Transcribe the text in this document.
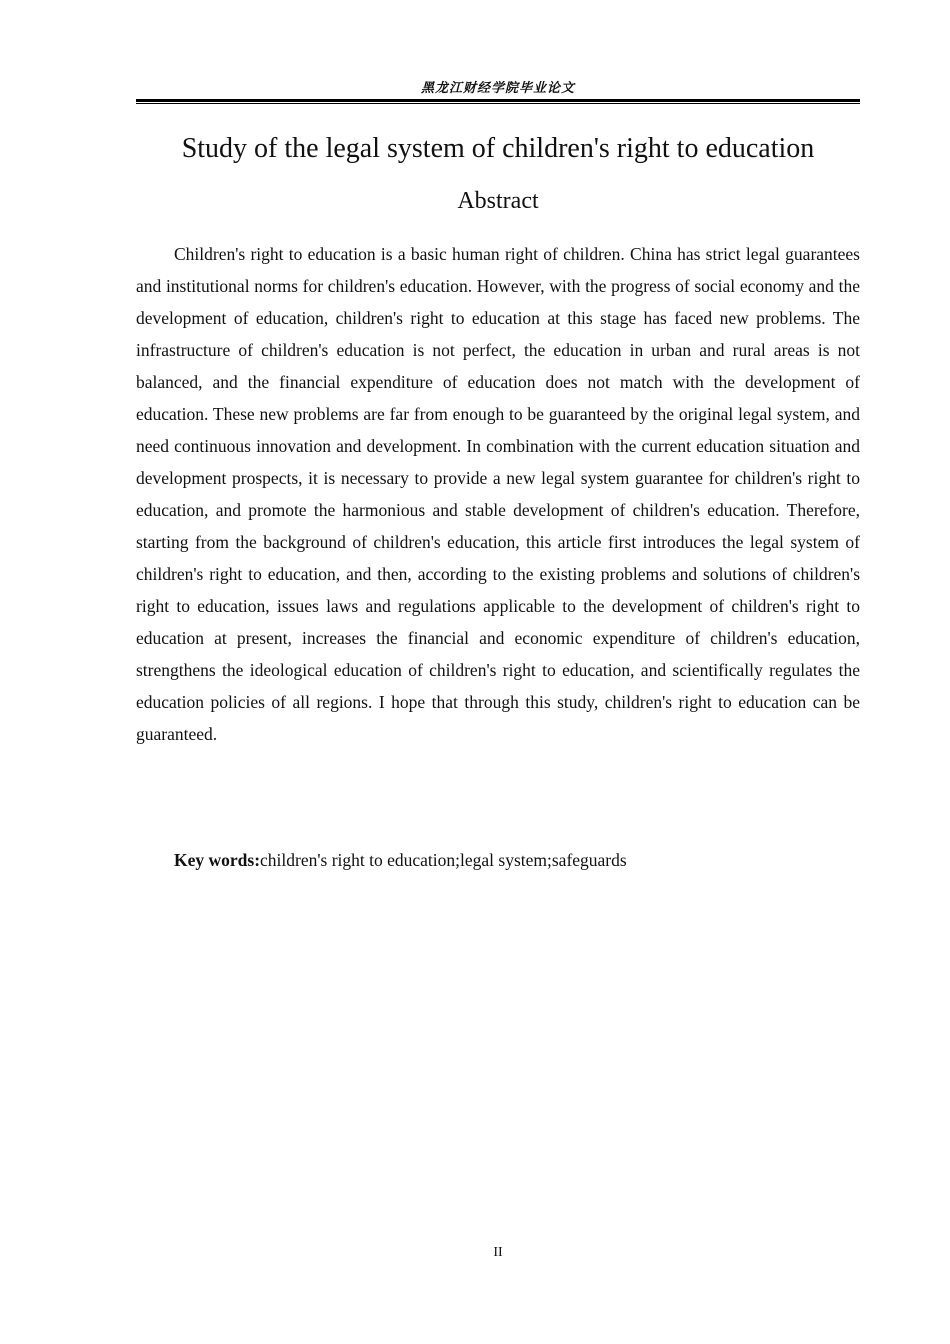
黑龙江财经学院毕业论文
Study of the legal system of children's right to education
Abstract

Children's right to education is a basic human right of children. China has strict legal guarantees and institutional norms for children's education. However, with the progress of social economy and the development of education, children's right to education at this stage has faced new problems. The infrastructure of children's education is not perfect, the education in urban and rural areas is not balanced, and the financial expenditure of education does not match with the development of education. These new problems are far from enough to be guaranteed by the original legal system, and need continuous innovation and development. In combination with the current education situation and development prospects, it is necessary to provide a new legal system guarantee for children's right to education, and promote the harmonious and stable development of children's education. Therefore, starting from the background of children's education, this article first introduces the legal system of children's right to education, and then, according to the existing problems and solutions of children's right to education, issues laws and regulations applicable to the development of children's right to education at present, increases the financial and economic expenditure of children's education, strengthens the ideological education of children's right to education, and scientifically regulates the education policies of all regions. I hope that through this study, children's right to education can be guaranteed.

Key words:children's right to education;legal system;safeguards

II
